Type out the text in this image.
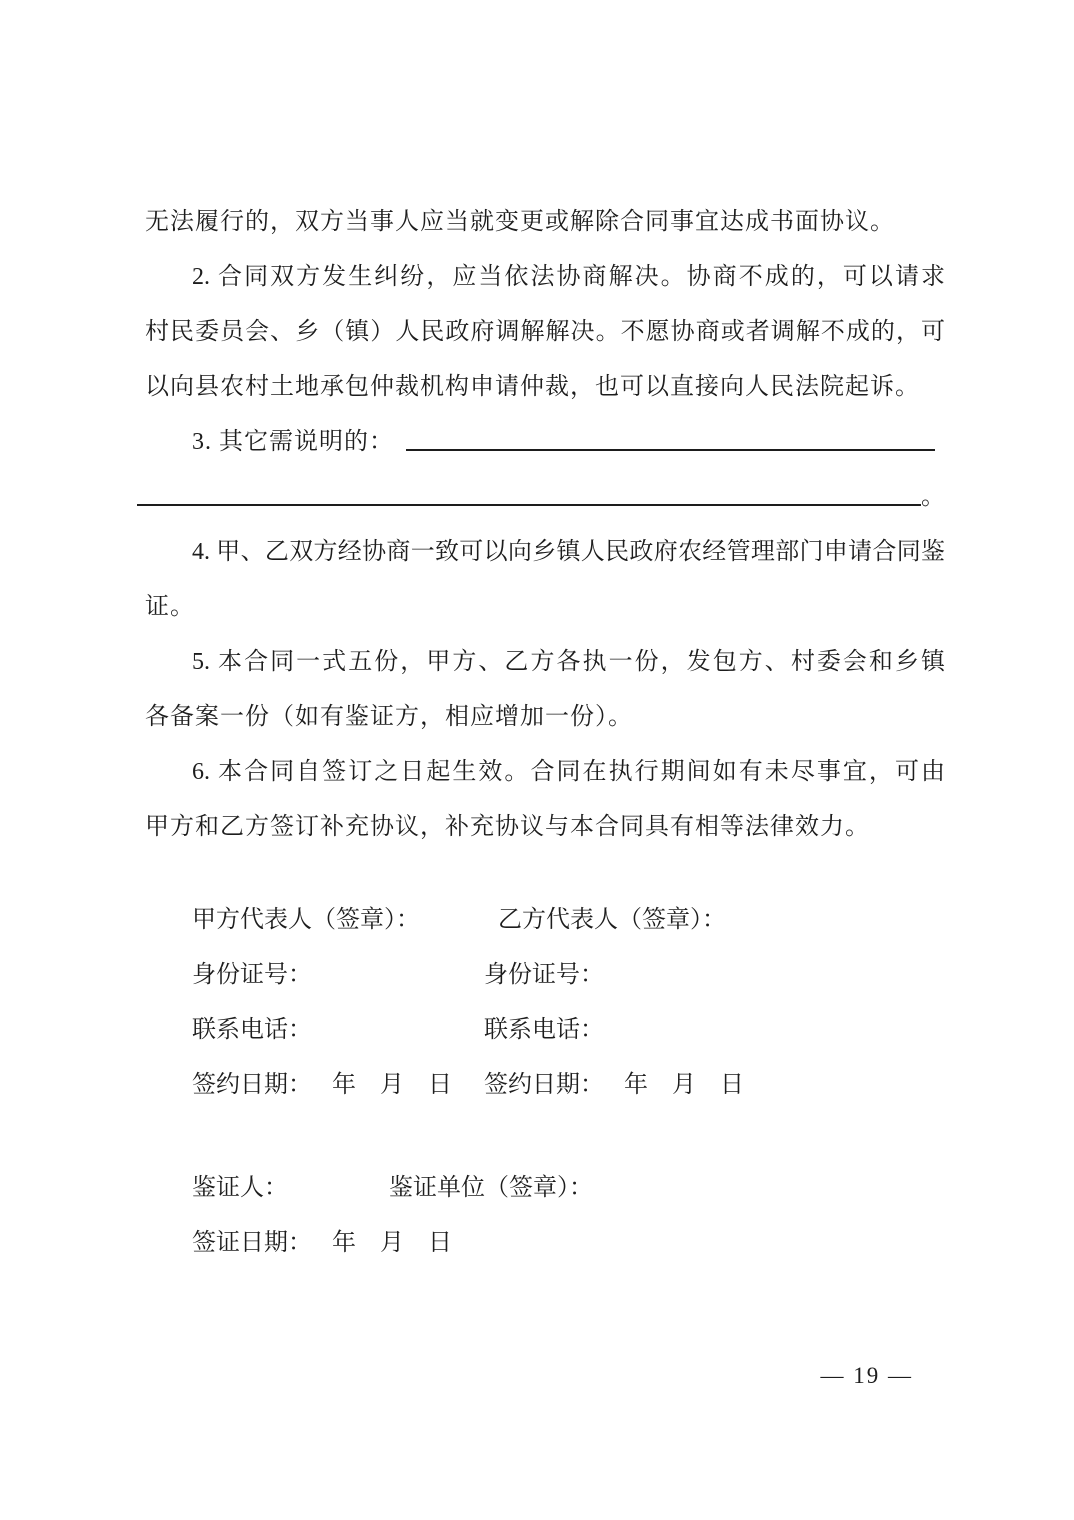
无法履行的，双方当事人应当就变更或解除合同事宜达成书面协议。
2. 合同双方发生纠纷，应当依法协商解决。协商不成的，可以请求
村民委员会、乡（镇）人民政府调解解决。不愿协商或者调解不成的，可
以向县农村土地承包仲裁机构申请仲裁，也可以直接向人民法院起诉。
3. 其它需说明的：
。
4. 甲、乙双方经协商一致可以向乡镇人民政府农经管理部门申请合同鉴
证。
5. 本合同一式五份，甲方、乙方各执一份，发包方、村委会和乡镇
各备案一份（如有鉴证方，相应增加一份）。
6. 本合同自签订之日起生效。合同在执行期间如有未尽事宜，可由
甲方和乙方签订补充协议，补充协议与本合同具有相等法律效力。
甲方代表人（签章）：	乙方代表人（签章）：
身份证号：	身份证号：
联系电话：	联系电话：
签约日期： 年　月　日 签约日期： 年　月　日
鉴证人：	鉴证单位（签章）：
签证日期： 年　月　日
— 19 —
